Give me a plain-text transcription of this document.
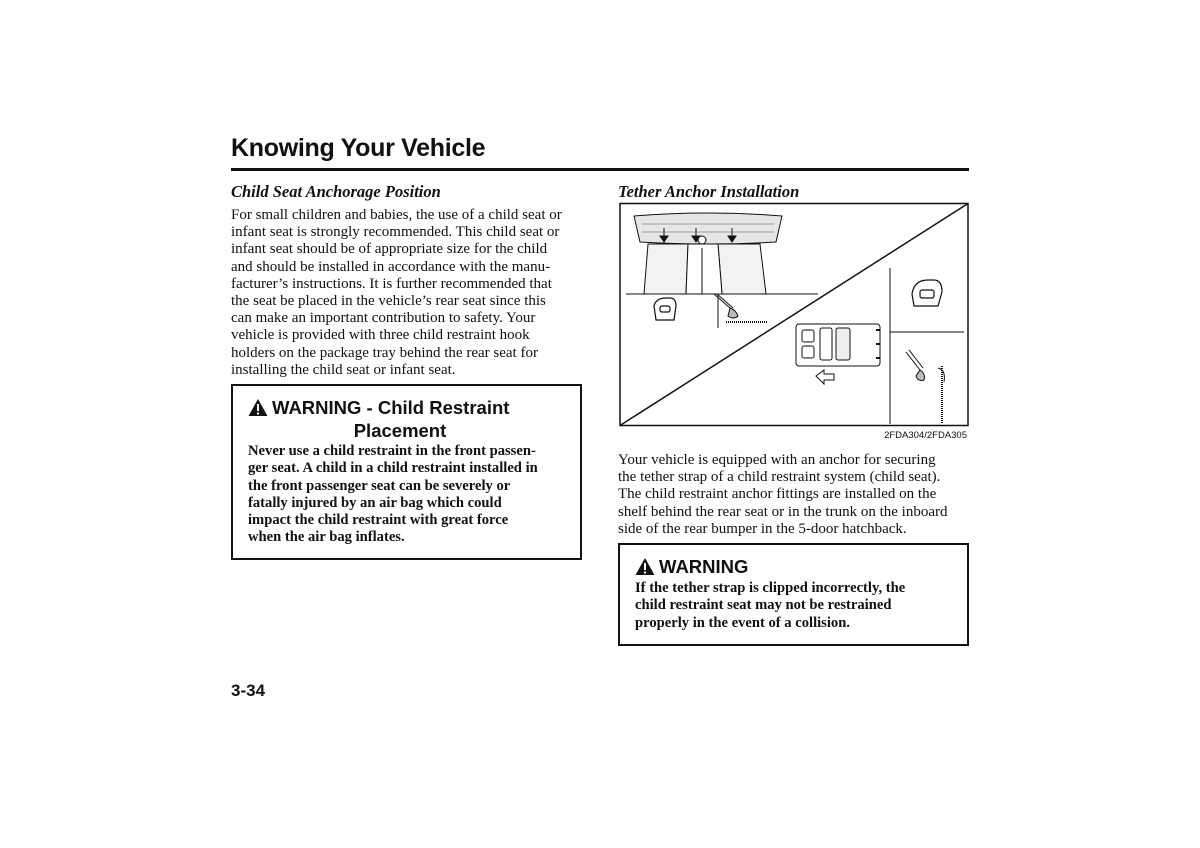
Knowing Your Vehicle
Child Seat Anchorage Position

For small children and babies, the use of a child seat or
infant seat is strongly recommended. This child seat or
infant seat should be of appropriate size for the child
and should be installed in accordance with the manu-
facturer’s instructions. It is further recommended that
the seat be placed in the vehicle’s rear seat since this
can make an important contribution to safety. Your
vehicle is provided with three child restraint hook
holders on the package tray behind the rear seat for
installing the child seat or infant seat.

WARNING - Child Restraint
Placement

Never use a child restraint in the front passen-
ger seat. A child in a child restraint installed in
the front passenger seat can be severely or
fatally injured by an air bag which could
impact the child restraint with great force
when the air bag inflates.

Tether Anchor Installation
2FDA304/2FDA305

Your vehicle is equipped with an anchor for securing
the tether strap of a child restraint system (child seat).
The child restraint anchor fittings are installed on the
shelf behind the rear seat or in the trunk on the inboard
side of the rear bumper in the 5-door hatchback.

WARNING

If the tether strap is clipped incorrectly, the
child restraint seat may not be restrained
properly in the event of a collision.

3-34
